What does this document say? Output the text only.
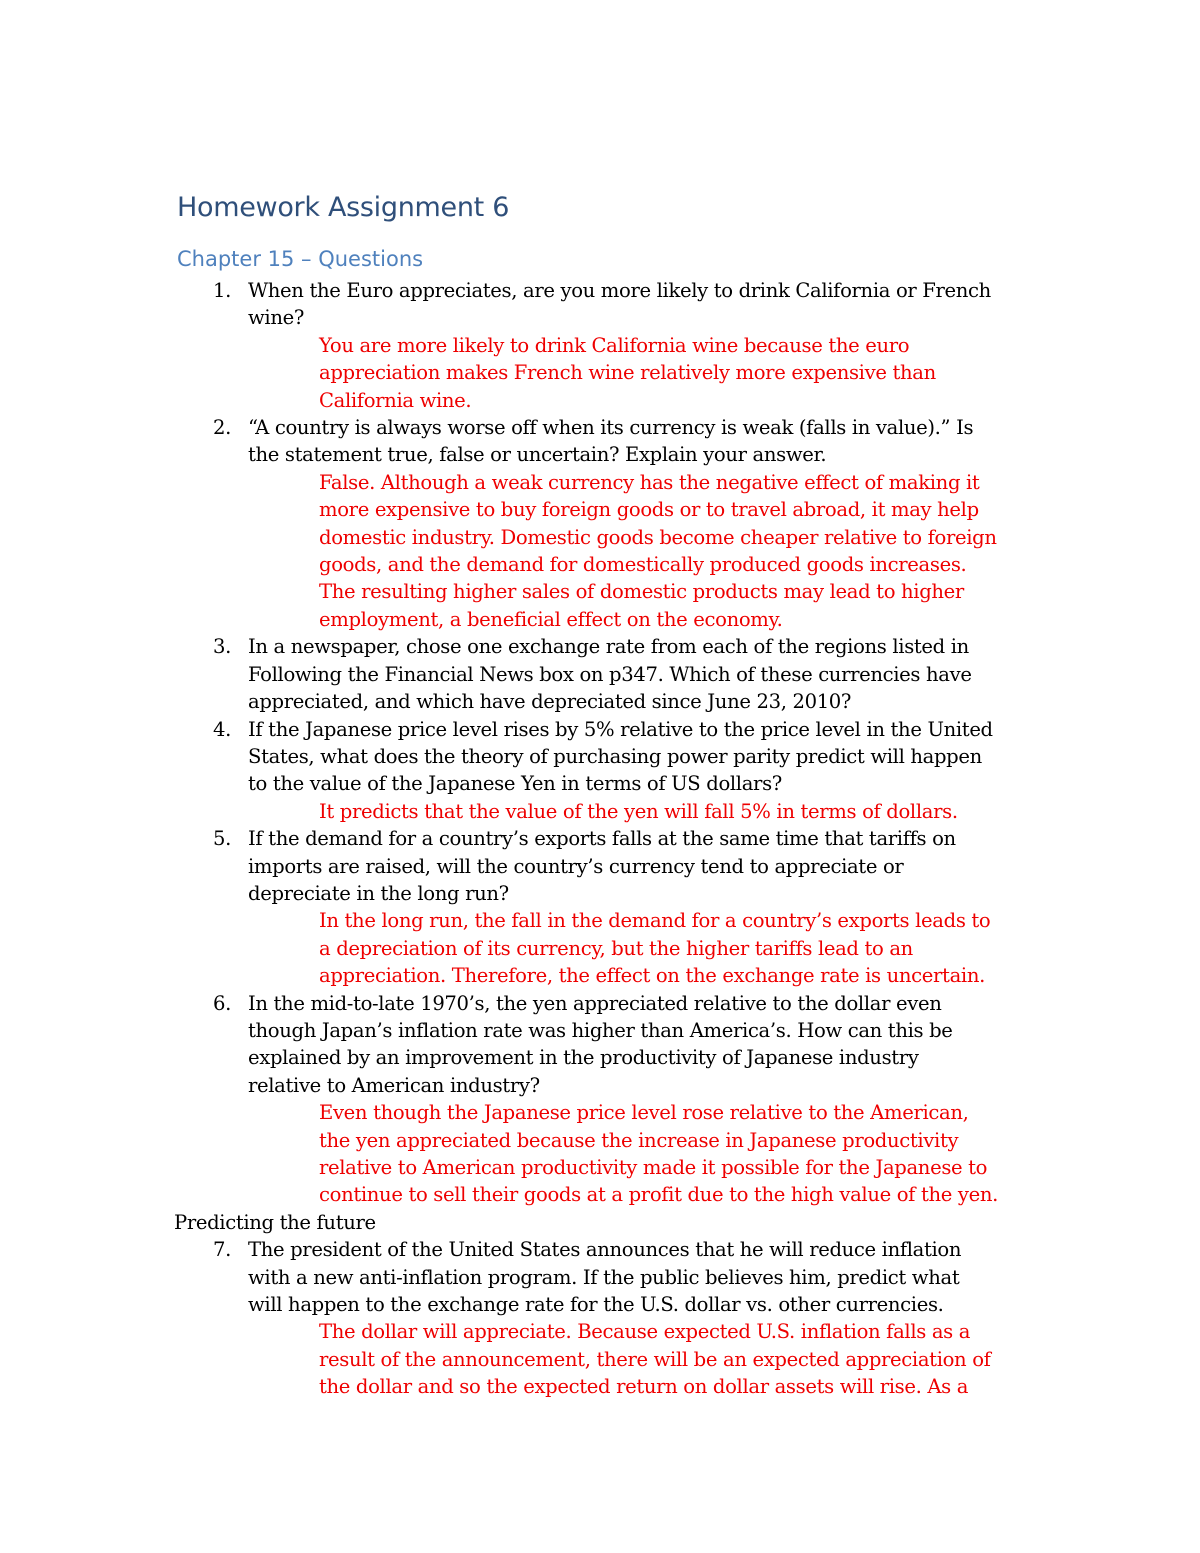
Homework Assignment 6
Chapter 15 – Questions
1. When the Euro appreciates, are you more likely to drink California or French
wine?
You are more likely to drink California wine because the euro
appreciation makes French wine relatively more expensive than
California wine.
2. “A country is always worse off when its currency is weak (falls in value).” Is
the statement true, false or uncertain? Explain your answer.
False. Although a weak currency has the negative effect of making it
more expensive to buy foreign goods or to travel abroad, it may help
domestic industry. Domestic goods become cheaper relative to foreign
goods, and the demand for domestically produced goods increases.
The resulting higher sales of domestic products may lead to higher
employment, a beneficial effect on the economy.
3. In a newspaper, chose one exchange rate from each of the regions listed in
Following the Financial News box on p347. Which of these currencies have
appreciated, and which have depreciated since June 23, 2010?
4. If the Japanese price level rises by 5% relative to the price level in the United
States, what does the theory of purchasing power parity predict will happen
to the value of the Japanese Yen in terms of US dollars?
It predicts that the value of the yen will fall 5% in terms of dollars.
5. If the demand for a country’s exports falls at the same time that tariffs on
imports are raised, will the country’s currency tend to appreciate or
depreciate in the long run?
In the long run, the fall in the demand for a country’s exports leads to
a depreciation of its currency, but the higher tariffs lead to an
appreciation. Therefore, the effect on the exchange rate is uncertain.
6. In the mid-to-late 1970’s, the yen appreciated relative to the dollar even
though Japan’s inflation rate was higher than America’s. How can this be
explained by an improvement in the productivity of Japanese industry
relative to American industry?
Even though the Japanese price level rose relative to the American,
the yen appreciated because the increase in Japanese productivity
relative to American productivity made it possible for the Japanese to
continue to sell their goods at a profit due to the high value of the yen.
Predicting the future
7. The president of the United States announces that he will reduce inflation
with a new anti-inflation program. If the public believes him, predict what
will happen to the exchange rate for the U.S. dollar vs. other currencies.
The dollar will appreciate. Because expected U.S. inflation falls as a
result of the announcement, there will be an expected appreciation of
the dollar and so the expected return on dollar assets will rise. As a
